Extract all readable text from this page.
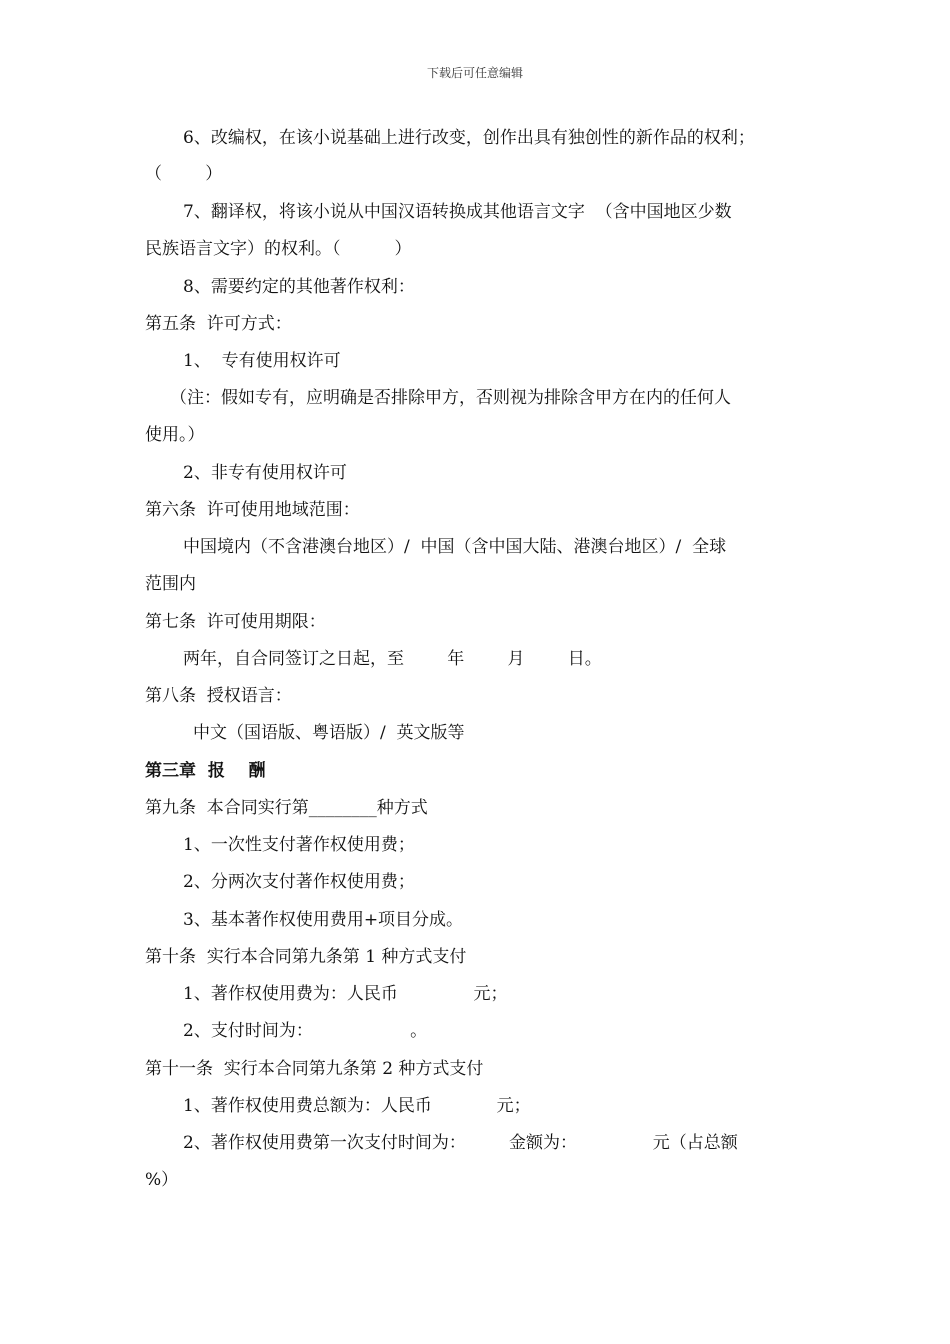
下载后可任意编辑
6、改编权，在该小说基础上进行改变，创作出具有独创性的新作品的权利；
（        ）
7、翻译权，将该小说从中国汉语转换成其他语言文字  （含中国地区少数
民族语言文字）的权利。（          ）
8、需要约定的其他著作权利：
第五条  许可方式：
1、  专有使用权许可
（注：假如专有，应明确是否排除甲方，否则视为排除含甲方在内的任何人
使用。）
2、非专有使用权许可
第六条  许可使用地域范围：
中国境内（不含港澳台地区）/  中国（含中国大陆、港澳台地区）/  全球
范围内
第七条  许可使用期限：
两年，自合同签订之日起，至        年        月        日。
第八条  授权语言：
中文（国语版、粤语版）/  英文版等
第三章  报    酬
第九条  本合同实行第________种方式
1、一次性支付著作权使用费；
2、分两次支付著作权使用费；
3、基本著作权使用费用+项目分成。
第十条  实行本合同第九条第 1 种方式支付
1、著作权使用费为：人民币              元；
2、支付时间为：                  。
第十一条  实行本合同第九条第 2 种方式支付
1、著作权使用费总额为：人民币            元；
2、著作权使用费第一次支付时间为：        金额为：              元（占总额
%）
